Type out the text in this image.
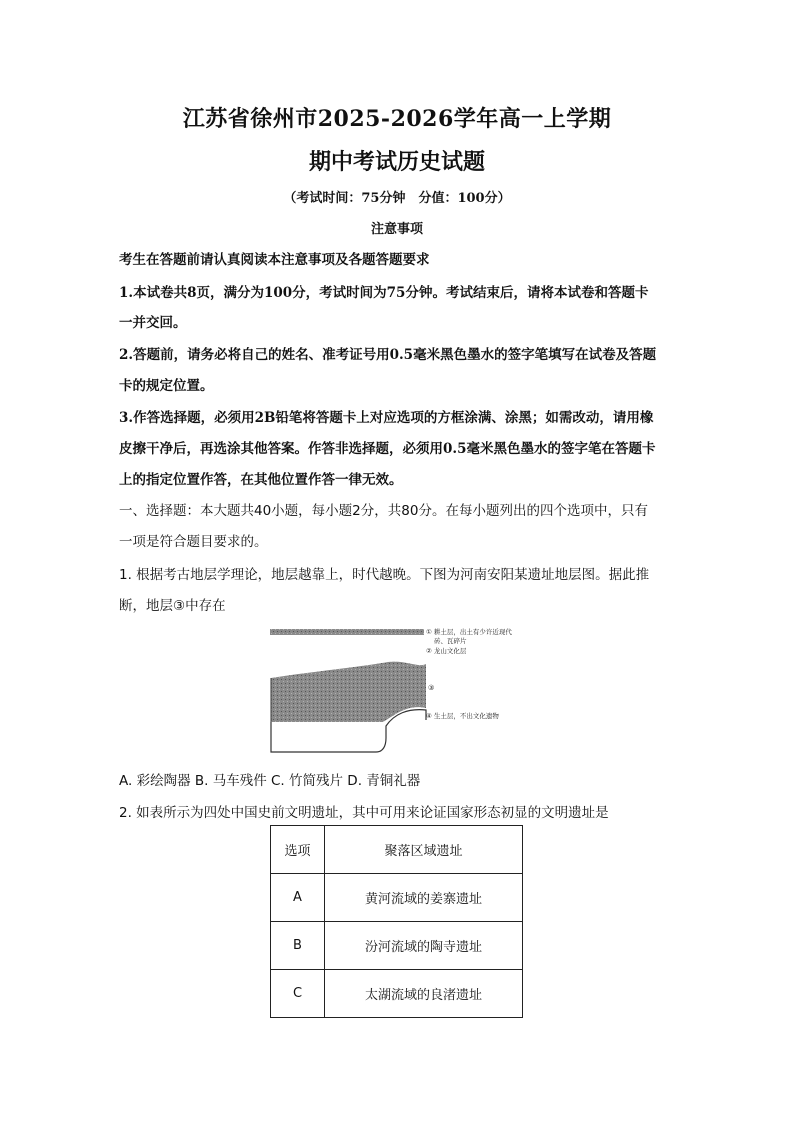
江苏省徐州市2025-2026学年高一上学期
期中考试历史试题
（考试时间：75分钟　分值：100分）
注意事项
考生在答题前请认真阅读本注意事项及各题答题要求
1.本试卷共8页，满分为100分，考试时间为75分钟。考试结束后，请将本试卷和答题卡
一并交回。
2.答题前，请务必将自己的姓名、准考证号用0.5毫米黑色墨水的签字笔填写在试卷及答题
卡的规定位置。
3.作答选择题，必须用2B铅笔将答题卡上对应选项的方框涂满、涂黑；如需改动，请用橡
皮擦干净后，再选涂其他答案。作答非选择题，必须用0.5毫米黑色墨水的签字笔在答题卡
上的指定位置作答，在其他位置作答一律无效。
一、选择题：本大题共40小题，每小题2分，共80分。在每小题列出的四个选项中，只有
一项是符合题目要求的。
1. 根据考古地层学理论，地层越靠上，时代越晚。下图为河南安阳某遗址地层图。据此推
断，地层③中存在
① 耕土层，出土有少许近现代
砖、瓦碎片
② 龙山文化层
③
④ 生土层，不出文化遗物
A. 彩绘陶器 B. 马车残件 C. 竹简残片 D. 青铜礼器
2. 如表所示为四处中国史前文明遗址，其中可用来论证国家形态初显的文明遗址是
选项	聚落区域遗址
A	黄河流域的姜寨遗址
B	汾河流域的陶寺遗址
C	太湖流域的良渚遗址
